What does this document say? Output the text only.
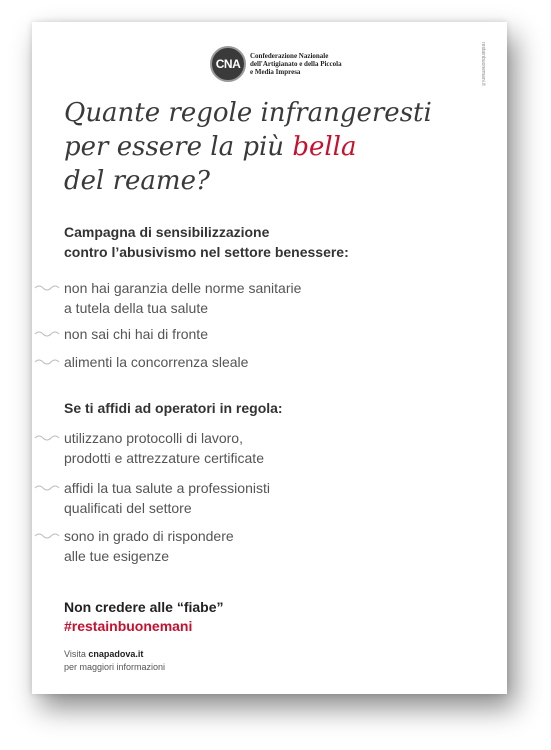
CNA
Confederazione Nazionale
dell'Artigianato e della Piccola
e Media Impresa	restainbuonemani.it
Quante regole infrangeresti
per essere la più bella
del reame?
Campagna di sensibilizzazione
contro l’abusivismo nel settore benessere:
non hai garanzia delle norme sanitarie
a tutela della tua salute
non sai chi hai di fronte
alimenti la concorrenza sleale
Se ti affidi ad operatori in regola:
utilizzano protocolli di lavoro,
prodotti e attrezzature certificate
affidi la tua salute a professionisti
qualificati del settore
sono in grado di rispondere
alle tue esigenze
Non credere alle “fiabe”
#restainbuonemani
Visita cnapadova.it
per maggiori informazioni
